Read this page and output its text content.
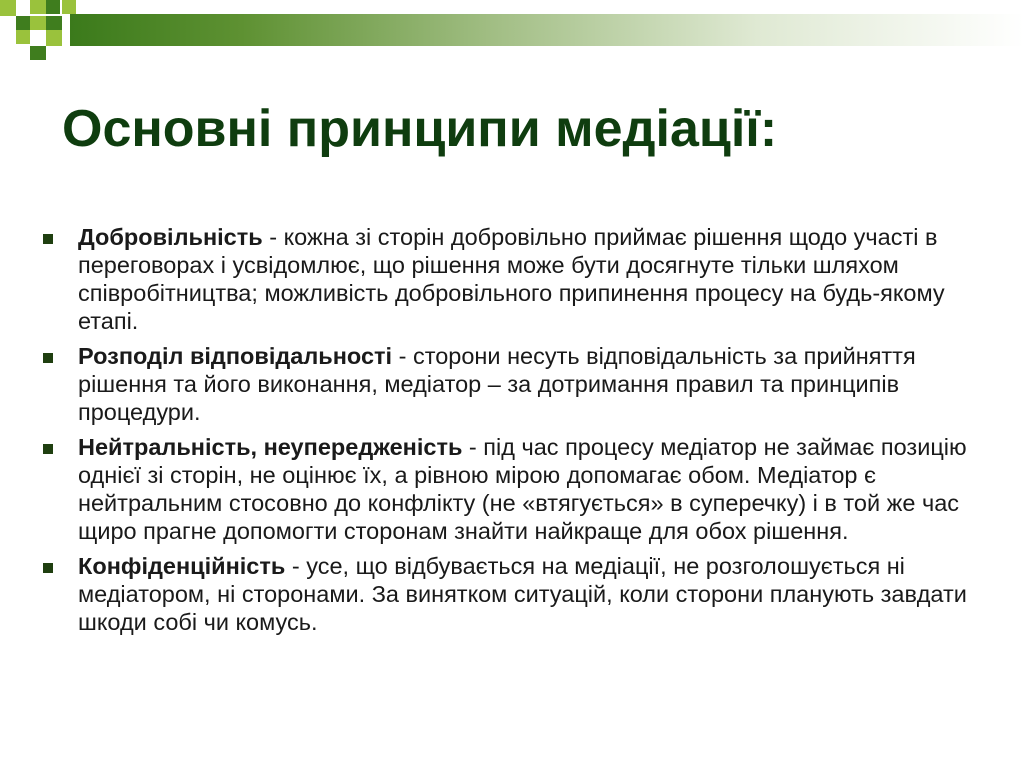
Основні принципи медіації:
Добровільність - кожна зі сторін добровільно приймає рішення щодо участі в переговорах і усвідомлює, що рішення може бути досягнуте тільки шляхом співробітництва; можливість добровільного припинення процесу на будь-якому етапі.
Розподіл відповідальності - сторони несуть відповідальність за прийняття рішення та його виконання, медіатор – за дотримання правил та принципів процедури.
Нейтральність, неупередженість - під час процесу медіатор не займає позицію однієї зі сторін, не оцінює їх, а рівною мірою допомагає обом. Медіатор є нейтральним стосовно до конфлікту (не «втягується» в суперечку) і в той же час щиро прагне допомогти сторонам знайти найкраще для обох рішення.
Конфіденційність - усе, що відбувається на медіації, не розголошується ні медіатором, ні сторонами. За винятком ситуацій, коли сторони планують завдати шкоди собі чи комусь.
